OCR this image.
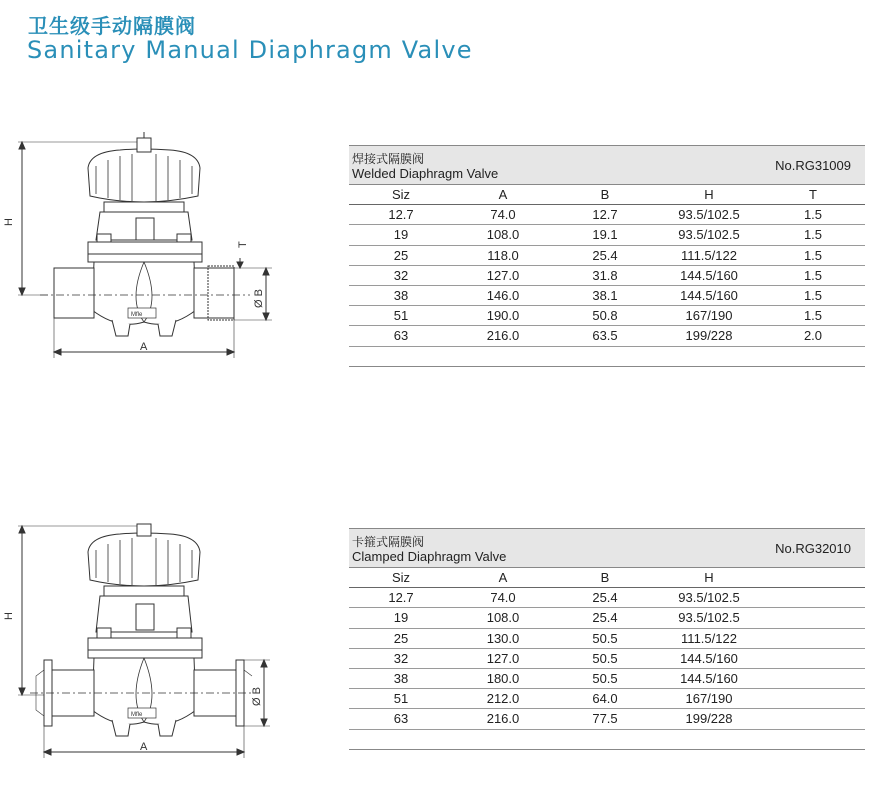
卫生级手动隔膜阀
Sanitary Manual Diaphragm Valve
H
T
Ø B
A
Mfle
H
Ø B
A
Mfle
焊接式隔膜阀
Welded Diaphragm Valve
No.RG31009
Siz	A	B	H	T
12.7	74.0	12.7	93.5/102.5	1.5
19	108.0	19.1	93.5/102.5	1.5
25	118.0	25.4	111.5/122	1.5
32	127.0	31.8	144.5/160	1.5
38	146.0	38.1	144.5/160	1.5
51	190.0	50.8	167/190	1.5
63	216.0	63.5	199/228	2.0

卡箍式隔膜阀
Clamped Diaphragm Valve
No.RG32010
Siz	A	B	H	
12.7	74.0	25.4	93.5/102.5	
19	108.0	25.4	93.5/102.5	
25	130.0	50.5	111.5/122	
32	127.0	50.5	144.5/160	
38	180.0	50.5	144.5/160	
51	212.0	64.0	167/190	
63	216.0	77.5	199/228	
